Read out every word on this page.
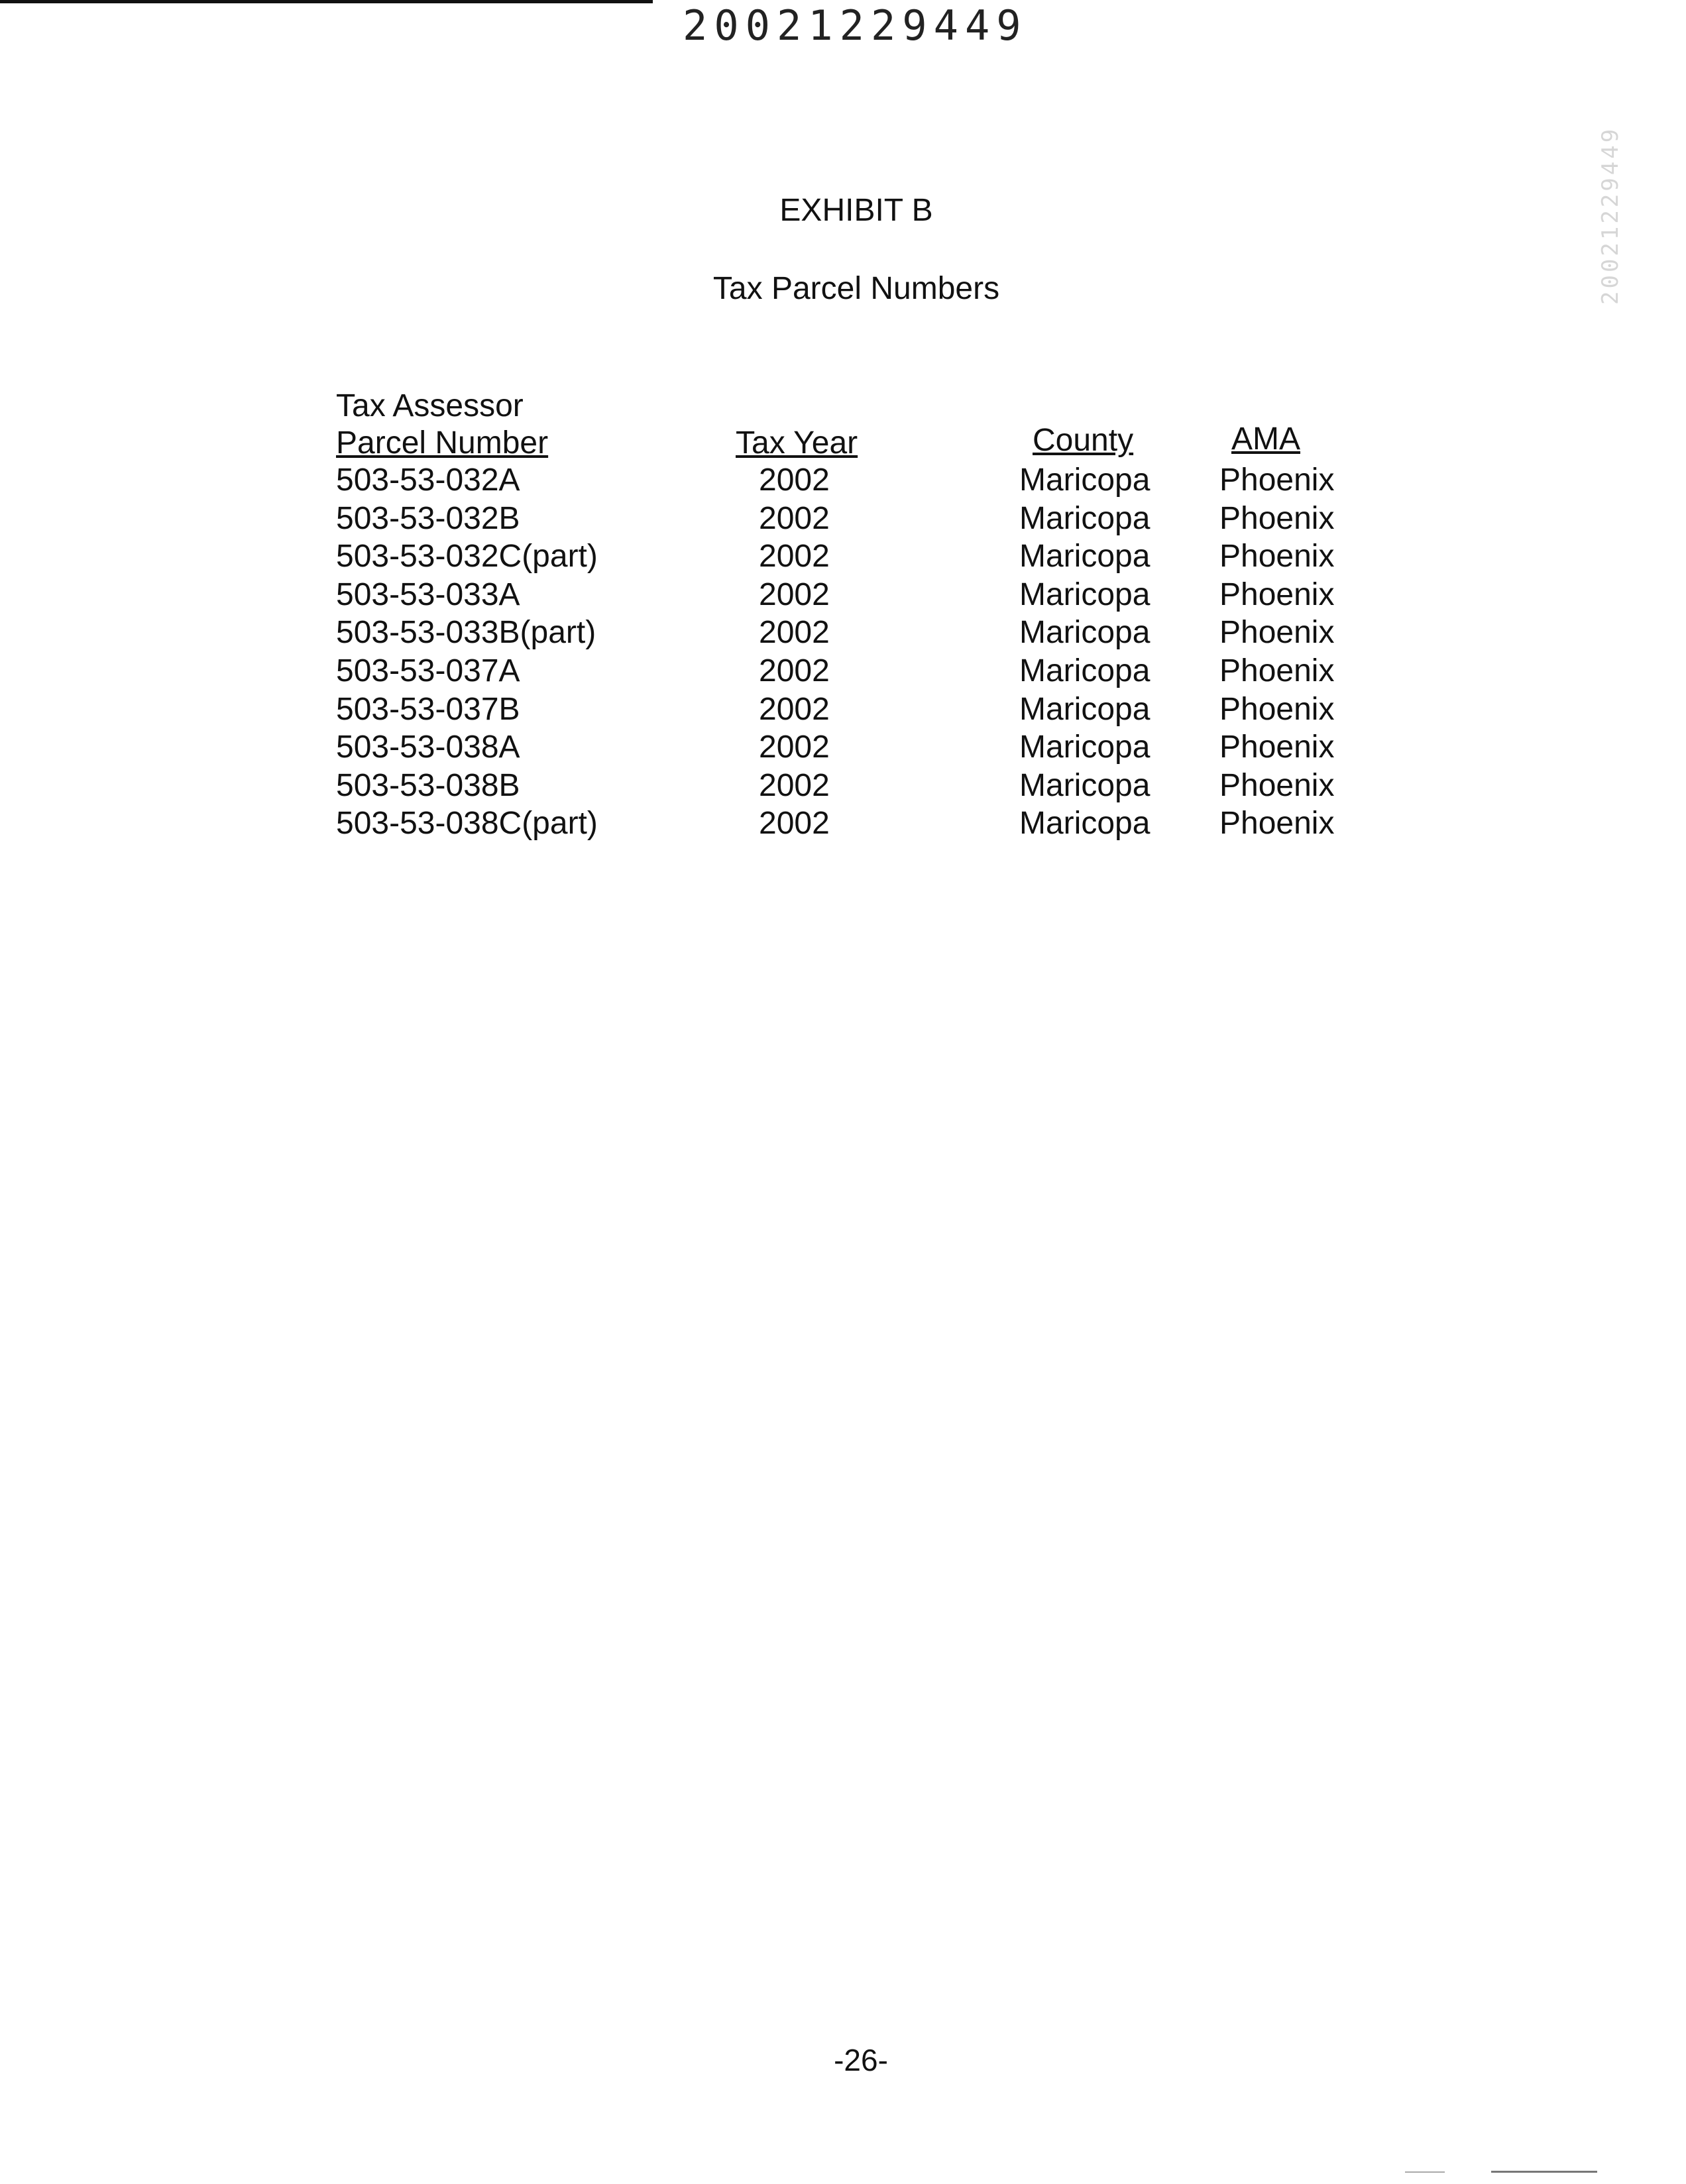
20021229449
20021229449
EXHIBIT B
Tax Parcel Numbers
Tax Assessor
Parcel Number	Tax Year	County	AMA
503-53-032A	2002	Maricopa Phoenix
503-53-032B	2002	Maricopa Phoenix
503-53-032C(part)	2002	Maricopa Phoenix
503-53-033A	2002	Maricopa Phoenix
503-53-033B(part)	2002	Maricopa Phoenix
503-53-037A	2002	Maricopa Phoenix
503-53-037B	2002	Maricopa Phoenix
503-53-038A	2002	Maricopa Phoenix
503-53-038B	2002	Maricopa Phoenix
503-53-038C(part)	2002	Maricopa Phoenix
-26-
